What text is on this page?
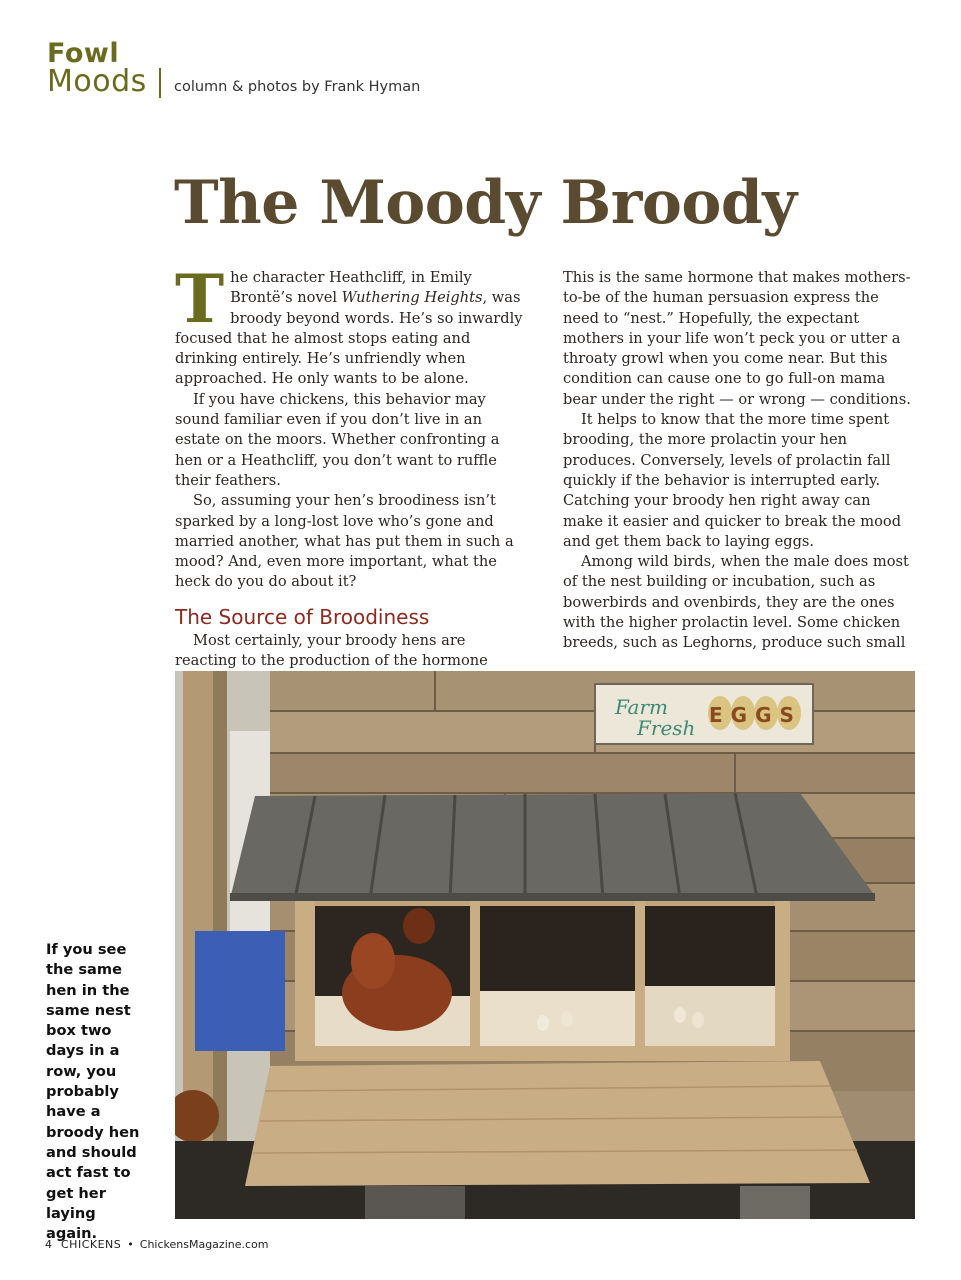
Fowl
Moods column & photos by Frank Hyman
The Moody Broody

The character Heathcliff, in Emily Brontë’s novel Wuthering Heights, was broody beyond words. He’s so inwardly focused that he almost stops eating and drinking entirely. He’s unfriendly when approached. He only wants to be alone.

If you have chickens, this behavior may sound familiar even if you don’t live in an estate on the moors. Whether confronting a hen or a Heathcliff, you don’t want to ruffle their feathers.

So, assuming your hen’s broodiness isn’t sparked by a long-lost love who’s gone and married another, what has put them in such a mood? And, even more important, what the heck do you do about it?

The Source of Broodiness

Most certainly, your broody hens are reacting to the production of the hormone

This is the same hormone that makes mothers-to-be of the human persuasion express the need to “nest.” Hopefully, the expectant mothers in your life won’t peck you or utter a throaty growl when you come near. But this condition can cause one to go full-on mama bear under the right — or wrong — conditions.

It helps to know that the more time spent brooding, the more prolactin your hen produces. Conversely, levels of prolactin fall quickly if the behavior is interrupted early. Catching your broody hen right away can make it easier and quicker to break the mood and get them back to laying eggs.

Among wild birds, when the male does most of the nest building or incubation, such as bowerbirds and ovenbirds, they are the ones with the higher prolactin level. Some chicken breeds, such as Leghorns, produce such small

Farm
Fresh
EGGS
If you see the same hen in the same nest box two days in a row, you probably have a broody hen and should act fast to get her laying again.
4 CHICKENS • ChickensMagazine.com
